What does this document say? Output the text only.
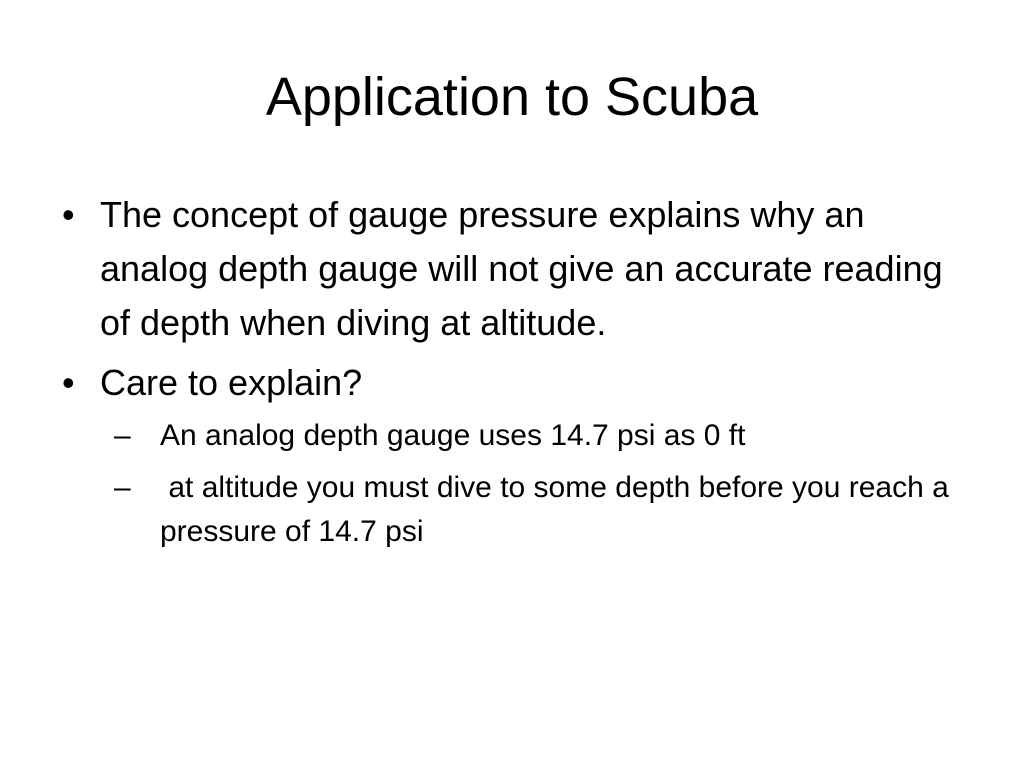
Application to Scuba
• The concept of gauge pressure explains why an analog depth gauge will not give an accurate reading of depth when diving at altitude.
• Care to explain?
– An analog depth gauge uses 14.7 psi as 0 ft
– at altitude you must dive to some depth before you reach a pressure of 14.7 psi
